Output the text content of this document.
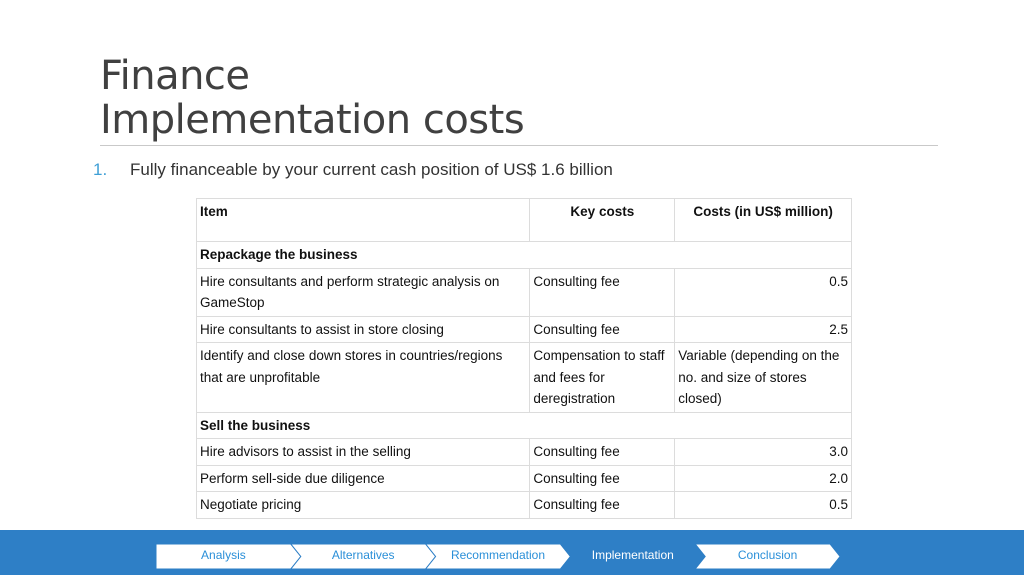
Finance
Implementation costs
1. Fully financeable by your current cash position of US$ 1.6 billion
Item	Key costs	Costs (in US$ million)
Repackage the business		
Hire consultants and perform strategic analysis on GameStop	Consulting fee	0.5
Hire consultants to assist in store closing	Consulting fee	2.5
Identify and close down stores in countries/regions that are unprofitable	Compensation to staff and fees for deregistration	Variable (depending on the no. and size of stores closed)
Sell the business		
Hire advisors to assist in the selling	Consulting fee	3.0
Perform sell-side due diligence	Consulting fee	2.0
Negotiate pricing	Consulting fee	0.5
Analysis	Alternatives	Recommendation	Implementation	Conclusion
